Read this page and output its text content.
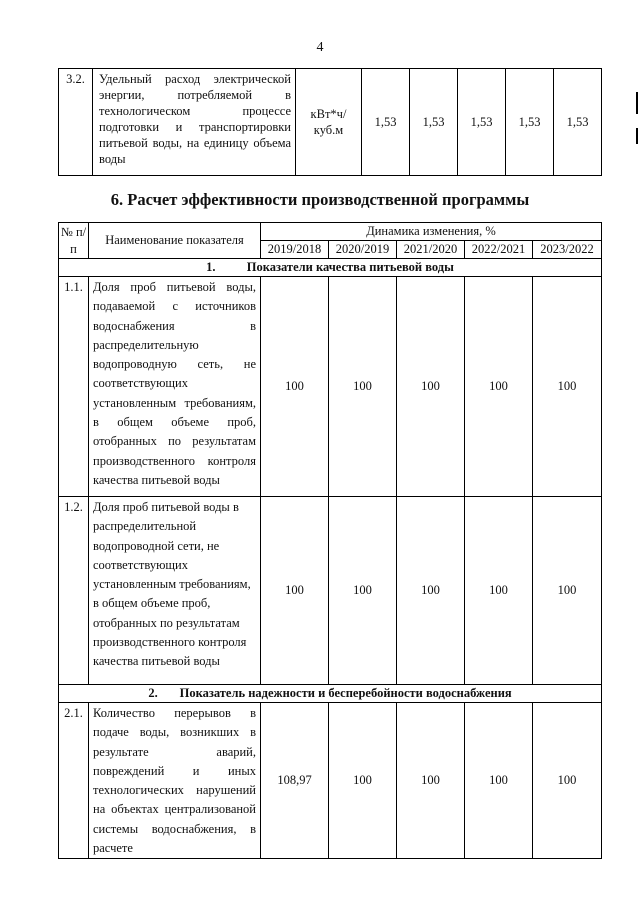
4
3.2.	Удельный расход электрической энергии, потребляемой в технологическом процессе подготовки и транспортировки питьевой воды, на единицу объема воды	кВт*ч/ куб.м	1,53	1,53	1,53	1,53	1,53
6. Расчет эффективности производственной программы
№ п/п	Наименование показателя	Динамика изменения, %				
		2019/2018	2020/2019	2021/2020	2022/2021	2023/2022
1. Показатели качества питьевой воды						
1.1.	Доля проб питьевой воды, подаваемой с источников водоснабжения в распределительную водопроводную сеть, не соответствующих установленным требованиям, в общем объеме проб, отобранных по результатам производственного контроля качества питьевой воды	100	100	100	100	100
1.2.	Доля проб питьевой воды в распределительной водопроводной сети, не соответствующих установленным требованиям, в общем объеме проб, отобранных по результатам производственного контроля качества питьевой воды	100	100	100	100	100
2. Показатель надежности и бесперебойности водоснабжения						
2.1.	Количество перерывов в подаче воды, возникших в результате аварий, повреждений и иных технологических нарушений на объектах централизованой системы водоснабжения, в расчете	108,97	100	100	100	100
